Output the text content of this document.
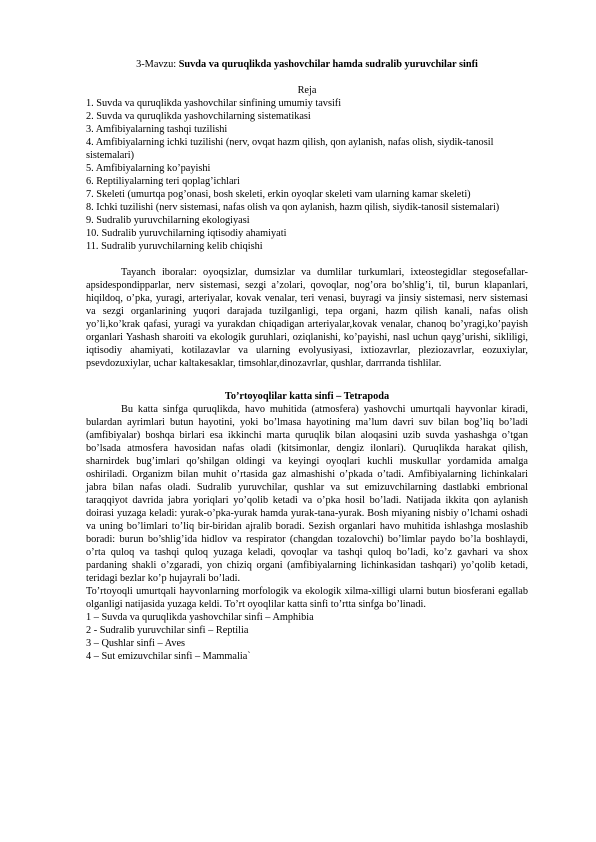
3-Mavzu: Suvda va quruqlikda yashovchilar hamda sudralib yuruvchilar sinfi

Reja

1. Suvda va quruqlikda yashovchilar sinfining umumiy tavsifi
2. Suvda va quruqlikda yashovchilarning sistematikasi
3. Amfibiyalarning tashqi tuzilishi
4. Amfibiyalarning ichki tuzilishi (nerv, ovqat hazm qilish, qon aylanish, nafas olish, siydik-tanosil sistemalari)
5. Amfibiyalarning ko’payishi
6. Reptiliyalarning teri qoplag’ichlari
7. Skeleti (umurtqa pog’onasi, bosh skeleti, erkin oyoqlar skeleti vam ularning kamar skeleti)
8. Ichki tuzilishi (nerv sistemasi, nafas olish va qon aylanish, hazm qilish, siydik-tanosil sistemalari)
9. Sudralib yuruvchilarning ekologiyasi
10. Sudralib yuruvchilarning iqtisodiy ahamiyati
11. Sudralib yuruvchilarning kelib chiqishi

Tayanch iboralar: oyoqsizlar, dumsizlar va dumlilar turkumlari, ixteostegidlar stegosefallar-apsidespondipparlar, nerv sistemasi, sezgi a’zolari, qovoqlar, nog’ora bo’shlig’i, til, burun klapanlari, hiqildoq, o’pka, yuragi, arteriyalar, kovak venalar, teri venasi, buyragi va jinsiy sistemasi, nerv sistemasi va sezgi organlarining yuqori darajada tuzilganligi, tepa organi, hazm qilish kanali, nafas olish yo’li,ko’krak qafasi, yuragi va yurakdan chiqadigan arteriyalar,kovak venalar, chanoq bo’yragi,ko’payish organlari Yashash sharoiti va ekologik guruhlari, oziqlanishi, ko’payishi, nasl uchun qayg’urishi, sikliligi, iqtisodiy ahamiyati, kotilazavlar va ularning evolyusiyasi, ixtiozavrlar, pleziozavrlar, eozuxiylar, psevdozuxiylar, uchar kaltakesaklar, timsohlar,dinozavrlar, qushlar, darrranda tishlilar.

To’rtoyoqlilar katta sinfi – Tetrapoda

Bu katta sinfga quruqlikda, havo muhitida (atmosfera) yashovchi umurtqali hayvonlar kiradi, bulardan ayrimlari butun hayotini, yoki bo’lmasa hayotining ma’lum davri suv bilan bog’liq bo’ladi (amfibiyalar) boshqa birlari esa ikkinchi marta quruqlik bilan aloqasini uzib suvda yashashga o’tgan bo’lsada atmosfera havosidan nafas oladi (kitsimonlar, dengiz ilonlari). Quruqlikda harakat qilish, sharnirdek bug’imlari qo’shilgan oldingi va keyingi oyoqlari kuchli muskullar yordamida amalga oshiriladi. Organizm bilan muhit o’rtasida gaz almashishi o’pkada o’tadi. Amfibiyalarning lichinkalari jabra bilan nafas oladi. Sudralib yuruvchilar, qushlar va sut emizuvchilarning dastlabki embrional taraqqiyot davrida jabra yoriqlari yo’qolib ketadi va o’pka hosil bo’ladi. Natijada ikkita qon aylanish doirasi yuzaga keladi: yurak-o’pka-yurak hamda yurak-tana-yurak. Bosh miyaning nisbiy o’lchami oshadi va uning bo’limlari to’liq bir-biridan ajralib boradi. Sezish organlari havo muhitida ishlashga moslashib boradi: burun bo’shlig’ida hidlov va respirator (changdan tozalovchi) bo’limlar paydo bo’la boshlaydi, o’rta quloq va tashqi quloq yuzaga keladi, qovoqlar va tashqi quloq bo’ladi, ko’z gavhari va shox pardaning shakli o’zgaradi, yon chiziq organi (amfibiyalarning lichinkasidan tashqari) yo’qolib ketadi, teridagi bezlar ko’p hujayrali bo’ladi.

To’rtoyoqli umurtqali hayvonlarning morfologik va ekologik xilma-xilligi ularni butun biosferani egallab olganligi natijasida yuzaga keldi. To’rt oyoqlilar katta sinfi to’rtta sinfga bo’linadi.

1 – Suvda va quruqlikda yashovchilar sinfi – Amphibia

2 - Sudralib yuruvchilar sinfi – Reptilia

3 – Qushlar sinfi – Aves

4 – Sut emizuvchilar sinfi – Mammalia`
